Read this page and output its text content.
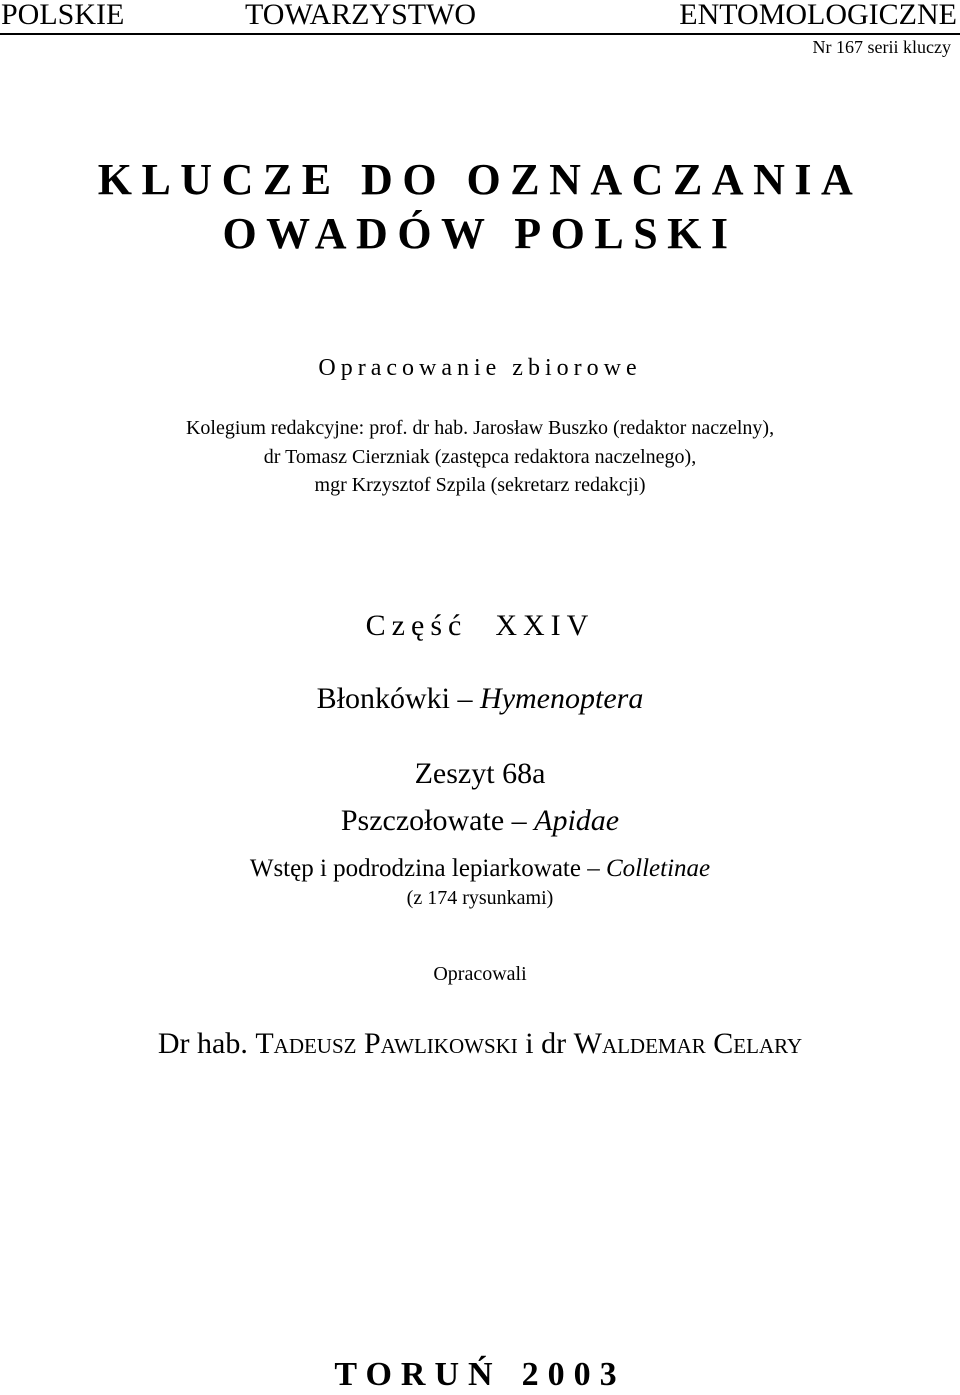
POLSKIE	TOWARZYSTWO	ENTOMOLOGICZNE
Nr 167 serii kluczy
KLUCZE DO OZNACZANIA
OWADÓW POLSKI
Opracowanie zbiorowe
Kolegium redakcyjne: prof. dr hab. Jarosław Buszko (redaktor naczelny),
dr Tomasz Cierzniak (zastępca redaktora naczelnego),
mgr Krzysztof Szpila (sekretarz redakcji)
Część XXIV
Błonkówki – Hymenoptera
Zeszyt 68a
Pszczołowate – Apidae
Wstęp i podrodzina lepiarkowate – Colletinae
(z 174 rysunkami)
Opracowali
Dr hab. Tadeusz Pawlikowski i dr Waldemar Celary
TORUŃ 2003
